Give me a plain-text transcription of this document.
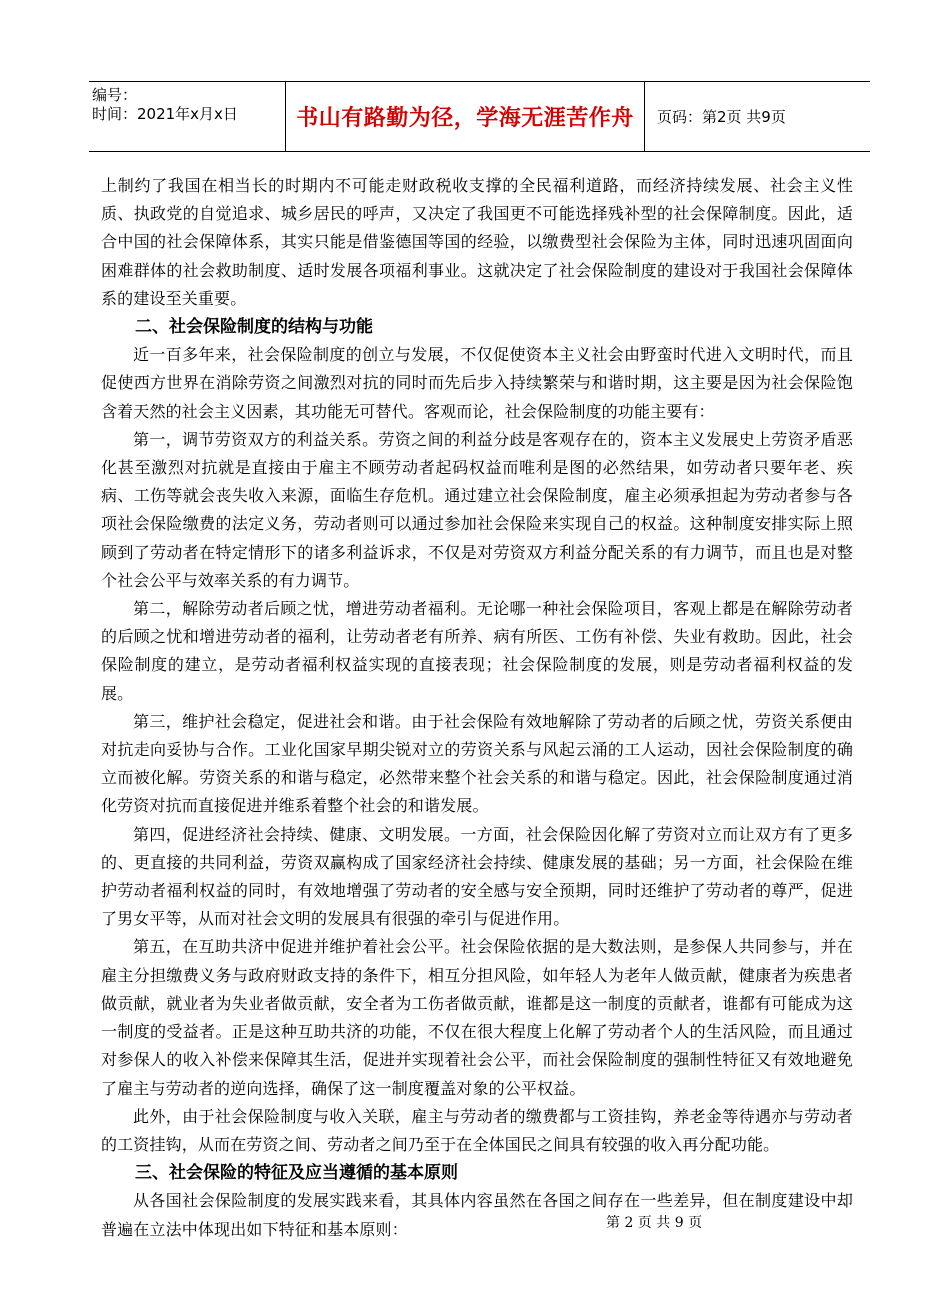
编号：
时间：2021年x月x日	书山有路勤为径，学海无涯苦作舟	页码：第2页 共9页

上制约了我国在相当长的时期内不可能走财政税收支撑的全民福利道路，而经济持续发展、社会主义性质、执政党的自觉追求、城乡居民的呼声，又决定了我国更不可能选择残补型的社会保障制度。因此，适合中国的社会保障体系，其实只能是借鉴德国等国的经验，以缴费型社会保险为主体，同时迅速巩固面向困难群体的社会救助制度、适时发展各项福利事业。这就决定了社会保险制度的建设对于我国社会保障体系的建设至关重要。

二、社会保险制度的结构与功能

近一百多年来，社会保险制度的创立与发展，不仅促使资本主义社会由野蛮时代进入文明时代，而且促使西方世界在消除劳资之间激烈对抗的同时而先后步入持续繁荣与和谐时期，这主要是因为社会保险饱含着天然的社会主义因素，其功能无可替代。客观而论，社会保险制度的功能主要有：

第一，调节劳资双方的利益关系。劳资之间的利益分歧是客观存在的，资本主义发展史上劳资矛盾恶化甚至激烈对抗就是直接由于雇主不顾劳动者起码权益而唯利是图的必然结果，如劳动者只要年老、疾病、工伤等就会丧失收入来源，面临生存危机。通过建立社会保险制度，雇主必须承担起为劳动者参与各项社会保险缴费的法定义务，劳动者则可以通过参加社会保险来实现自己的权益。这种制度安排实际上照顾到了劳动者在特定情形下的诸多利益诉求，不仅是对劳资双方利益分配关系的有力调节，而且也是对整个社会公平与效率关系的有力调节。

第二，解除劳动者后顾之忧，增进劳动者福利。无论哪一种社会保险项目，客观上都是在解除劳动者的后顾之忧和增进劳动者的福利，让劳动者老有所养、病有所医、工伤有补偿、失业有救助。因此，社会保险制度的建立，是劳动者福利权益实现的直接表现；社会保险制度的发展，则是劳动者福利权益的发展。

第三，维护社会稳定，促进社会和谐。由于社会保险有效地解除了劳动者的后顾之忧，劳资关系便由对抗走向妥协与合作。工业化国家早期尖锐对立的劳资关系与风起云涌的工人运动，因社会保险制度的确立而被化解。劳资关系的和谐与稳定，必然带来整个社会关系的和谐与稳定。因此，社会保险制度通过消化劳资对抗而直接促进并维系着整个社会的和谐发展。

第四，促进经济社会持续、健康、文明发展。一方面，社会保险因化解了劳资对立而让双方有了更多的、更直接的共同利益，劳资双赢构成了国家经济社会持续、健康发展的基础；另一方面，社会保险在维护劳动者福利权益的同时，有效地增强了劳动者的安全感与安全预期，同时还维护了劳动者的尊严，促进了男女平等，从而对社会文明的发展具有很强的牵引与促进作用。

第五，在互助共济中促进并维护着社会公平。社会保险依据的是大数法则，是参保人共同参与，并在雇主分担缴费义务与政府财政支持的条件下，相互分担风险，如年轻人为老年人做贡献，健康者为疾患者做贡献，就业者为失业者做贡献，安全者为工伤者做贡献，谁都是这一制度的贡献者，谁都有可能成为这一制度的受益者。正是这种互助共济的功能，不仅在很大程度上化解了劳动者个人的生活风险，而且通过对参保人的收入补偿来保障其生活，促进并实现着社会公平，而社会保险制度的强制性特征又有效地避免了雇主与劳动者的逆向选择，确保了这一制度覆盖对象的公平权益。

此外，由于社会保险制度与收入关联，雇主与劳动者的缴费都与工资挂钩，养老金等待遇亦与劳动者的工资挂钩，从而在劳资之间、劳动者之间乃至于在全体国民之间具有较强的收入再分配功能。

三、社会保险的特征及应当遵循的基本原则

从各国社会保险制度的发展实践来看，其具体内容虽然在各国之间存在一些差异，但在制度建设中却普遍在立法中体现出如下特征和基本原则：	第 2 页 共 9 页
